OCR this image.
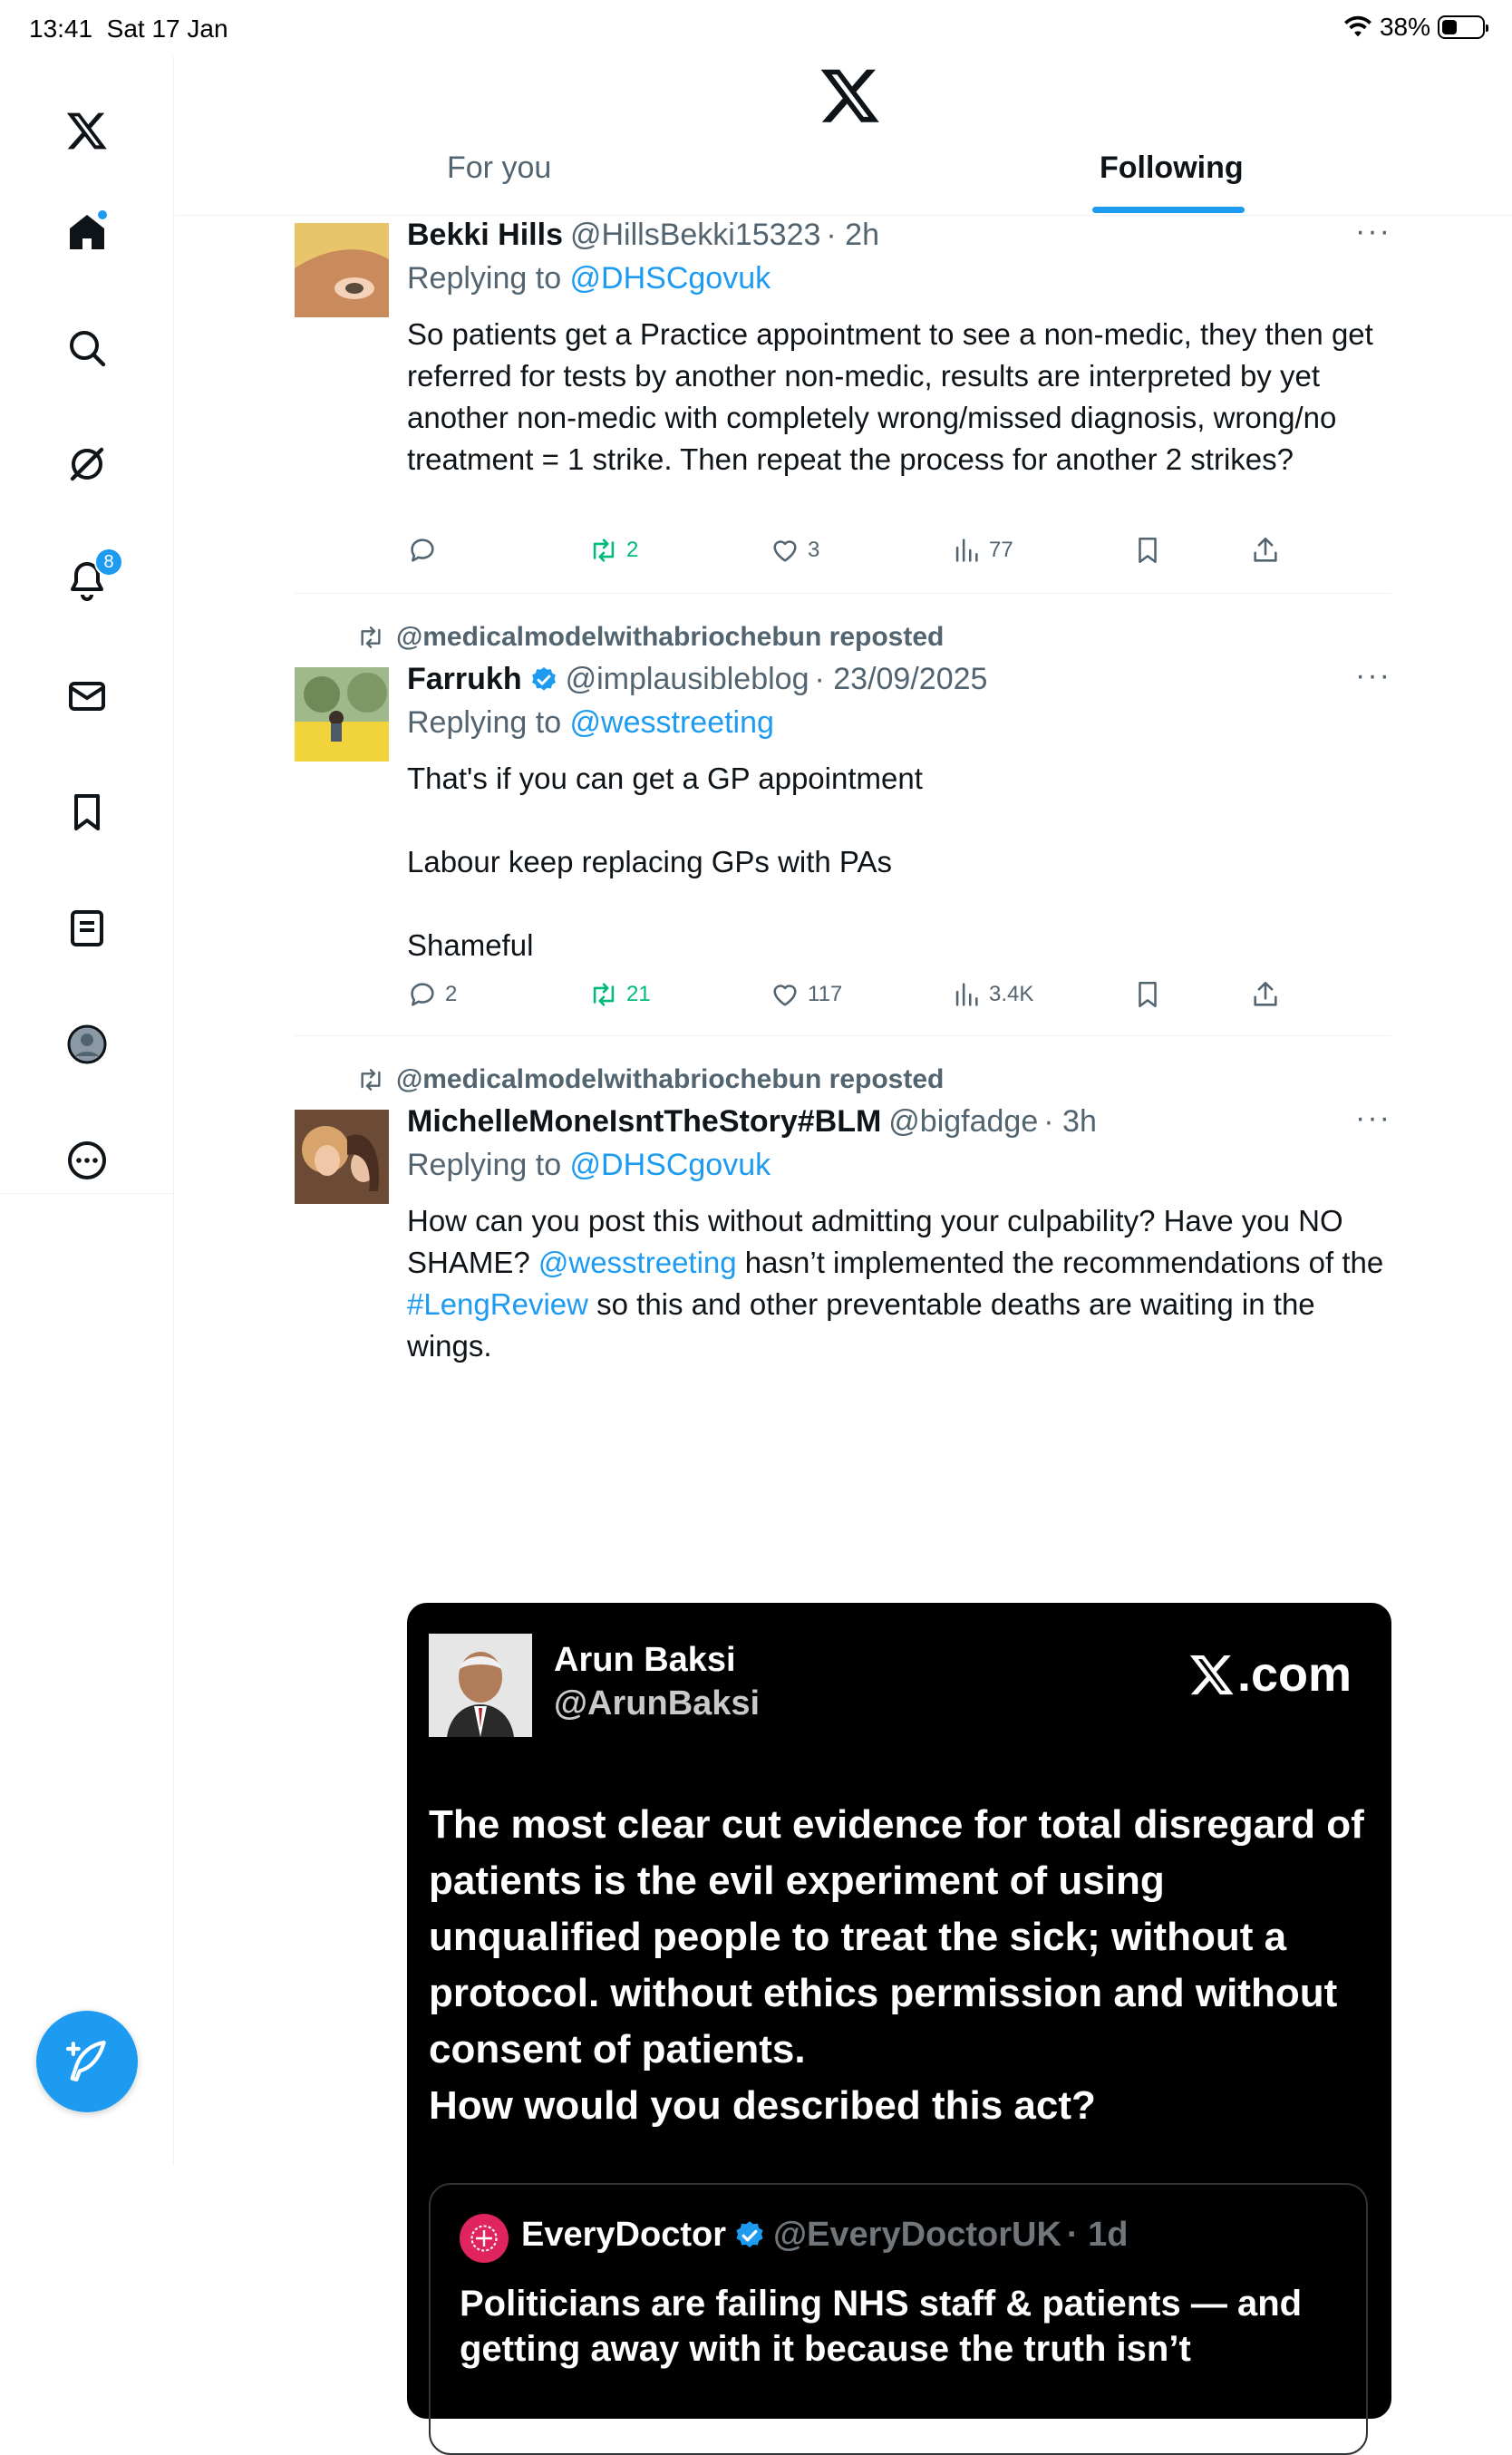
13:41 Sat 17 Jan	38%
8
For you	Following
Bekki Hills @HillsBekki15323 · 2h	···
Replying to @DHSCgovuk
So patients get a Practice appointment to see a non-medic, they then get referred for tests by another non-medic, results are interpreted by yet another non-medic with completely wrong/missed diagnosis, wrong/no treatment = 1 strike. Then repeat the process for another 2 strikes?
2	3	77
@medicalmodelwithabriochebun reposted
Farrukh @implausibleblog · 23/09/2025	···
Replying to @wesstreeting
That's if you can get a GP appointment

Labour keep replacing GPs with PAs

Shameful
2	21	117	3.4K
@medicalmodelwithabriochebun reposted
MichelleMoneIsntTheStory#BLM @bigfadge · 3h	···
Replying to @DHSCgovuk
How can you post this without admitting your culpability? Have you NO SHAME? @wesstreeting hasn’t implemented the recommendations of the #LengReview so this and other preventable deaths are waiting in the wings.
Arun Baksi
@ArunBaksi
.com
The most clear cut evidence for total disregard of patients is the evil experiment of using unqualified people to treat the sick; without a protocol. without ethics permission and without consent of patients.
How would you described this act?
EveryDoctor @EveryDoctorUK · 1d
Politicians are failing NHS staff & patients — and getting away with it because the truth isn’t
